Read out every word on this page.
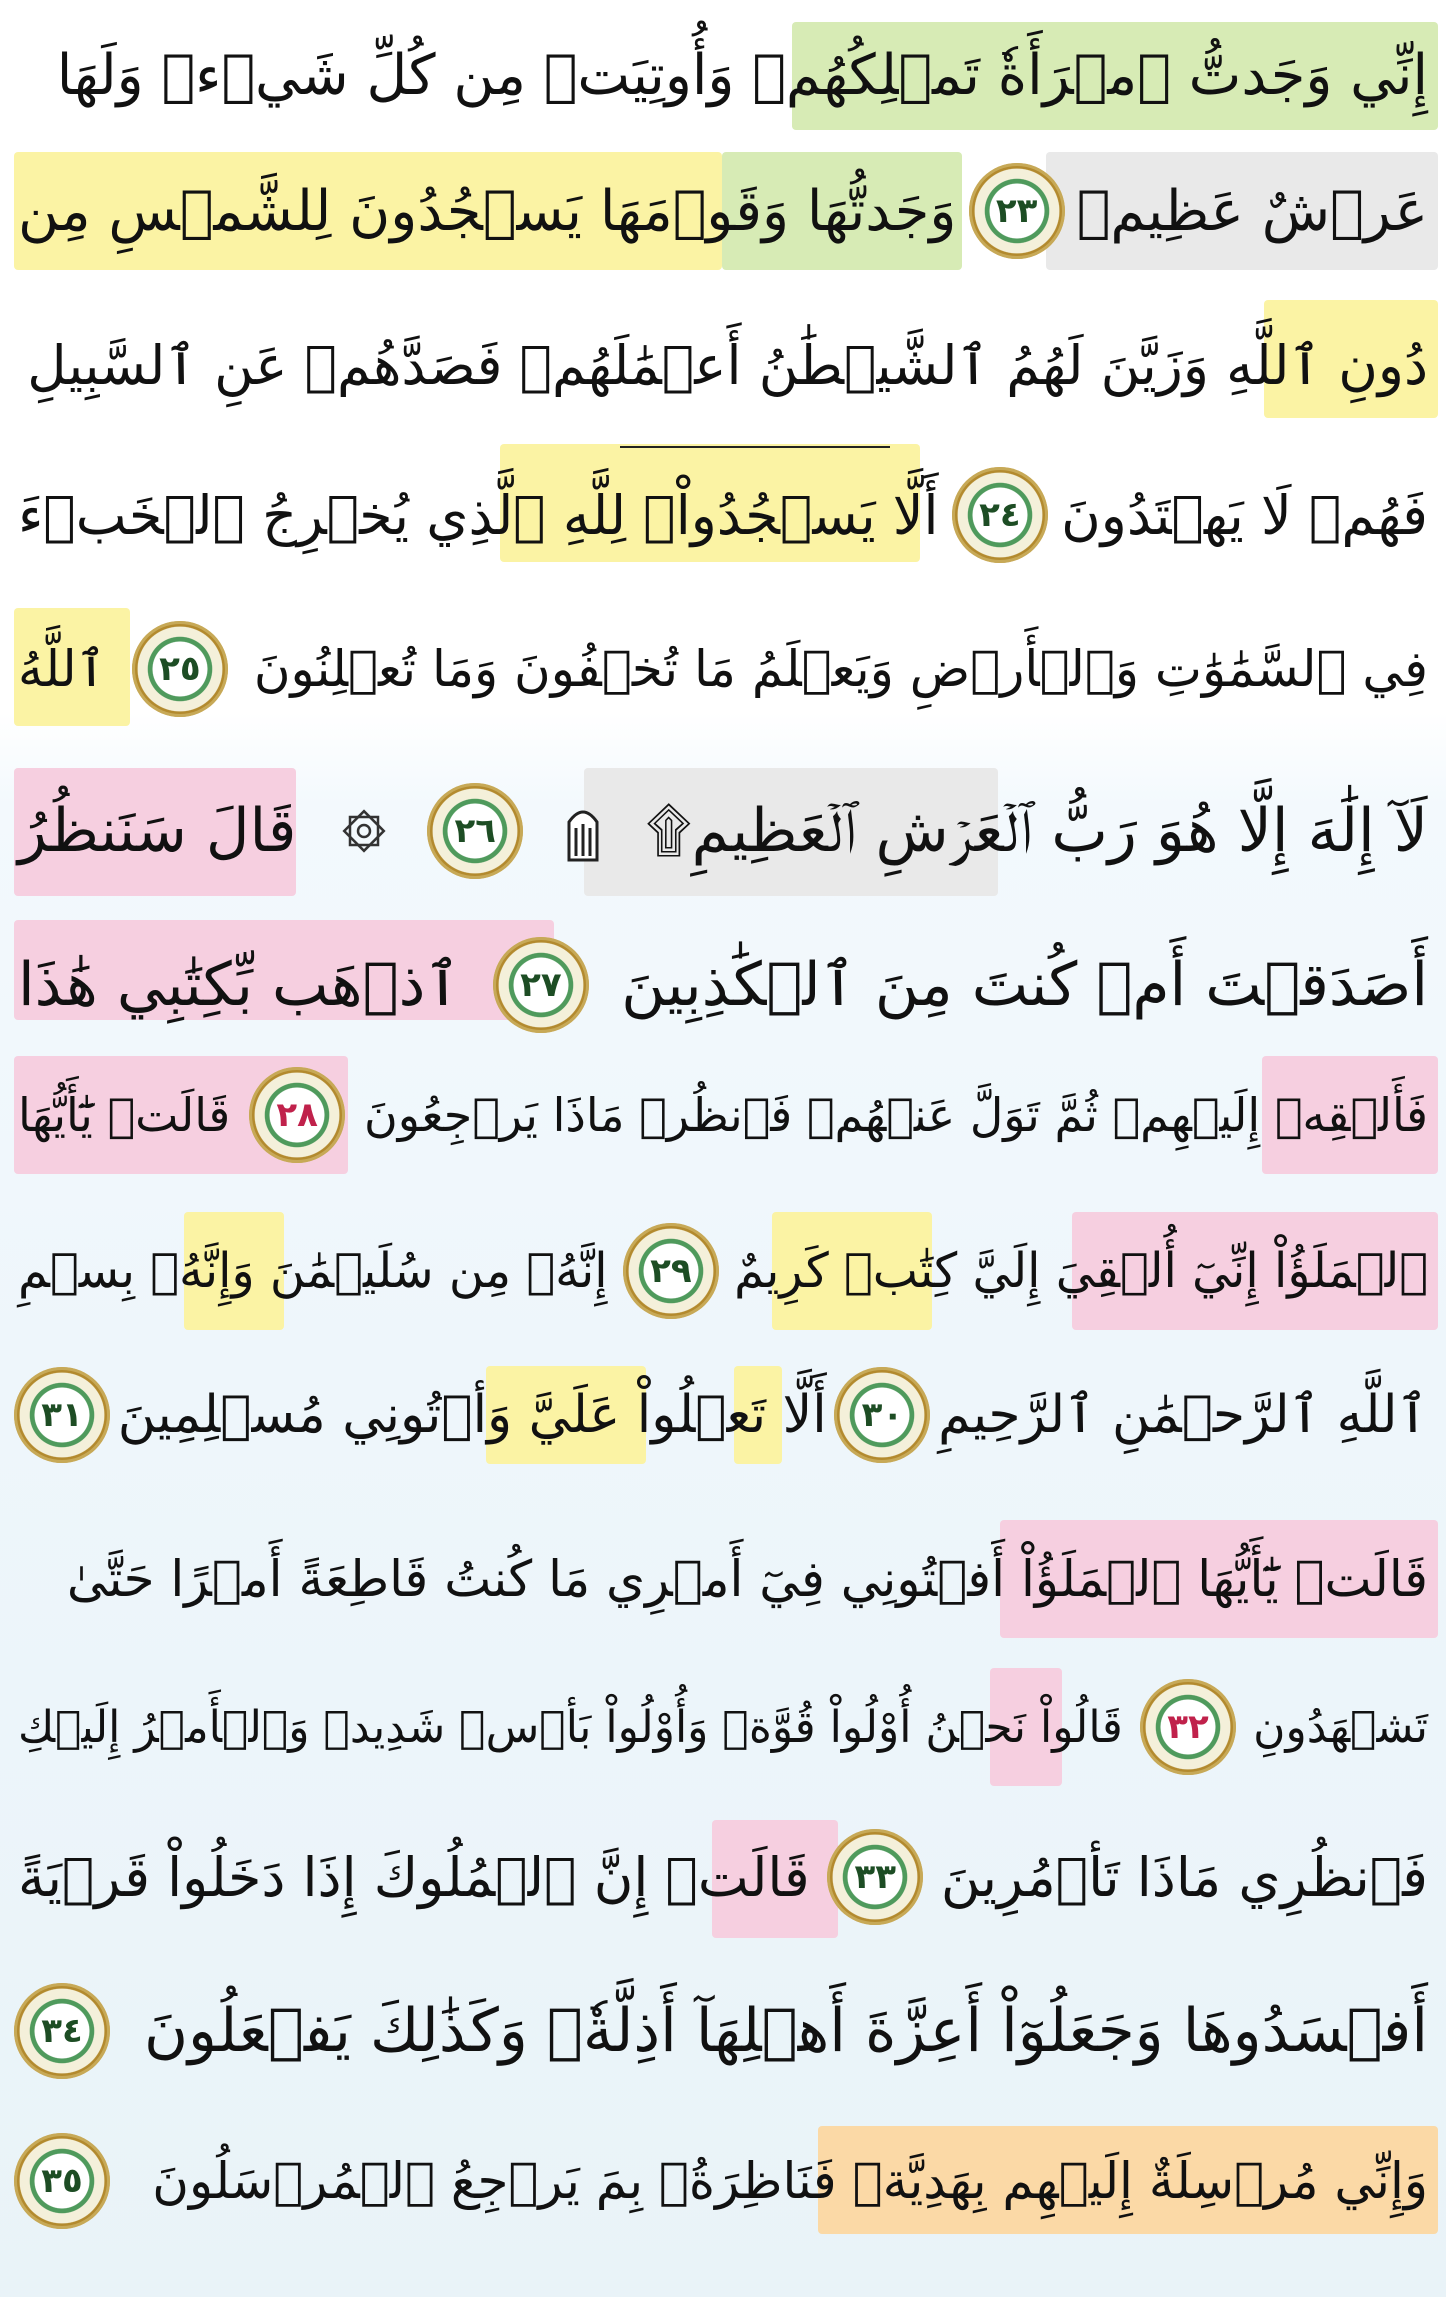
إِنِّي وَجَدتُّ ٱمۡرَأَةٗ تَمۡلِكُهُمۡ وَأُوتِيَتۡ مِن كُلِّ شَيۡءٖ وَلَهَا
عَرۡشٌ عَظِيمٞ
٢٣
وَجَدتُّهَا وَقَوۡمَهَا يَسۡجُدُونَ لِلشَّمۡسِ مِن
دُونِ ٱللَّهِ وَزَيَّنَ لَهُمُ ٱلشَّيۡطَٰنُ أَعۡمَٰلَهُمۡ فَصَدَّهُمۡ عَنِ ٱلسَّبِيلِ
فَهُمۡ لَا يَهۡتَدُونَ
٢٤
أَلَّا يَسۡجُدُواْۤ لِلَّهِ ٱلَّذِي يُخۡرِجُ ٱلۡخَبۡءَ
فِي ٱلسَّمَٰوَٰتِ وَٱلۡأَرۡضِ وَيَعۡلَمُ مَا تُخۡفُونَ وَمَا تُعۡلِنُونَ
٢٥
ٱللَّهُ
لَآ إِلَٰهَ إِلَّا هُوَ رَبُّ ٱلۡعَرۡشِ ٱلۡعَظِيمِ۩
٢٦
قَالَ سَنَنظُرُ
أَصَدَقۡتَ أَمۡ كُنتَ مِنَ ٱلۡكَٰذِبِينَ
٢٧
ٱذۡهَب بِّكِتَٰبِي هَٰذَا
فَأَلۡقِهۡ إِلَيۡهِمۡ ثُمَّ تَوَلَّ عَنۡهُمۡ فَٱنظُرۡ مَاذَا يَرۡجِعُونَ
٢٨
قَالَتۡ يَٰٓأَيُّهَا
ٱلۡمَلَؤُاْ إِنِّيٓ أُلۡقِيَ إِلَيَّ كِتَٰبٞ كَرِيمٌ
٢٩
إِنَّهُۥ مِن سُلَيۡمَٰنَ وَإِنَّهُۥ بِسۡمِ
ٱللَّهِ ٱلرَّحۡمَٰنِ ٱلرَّحِيمِ
٣٠
أَلَّا تَعۡلُواْ عَلَيَّ وَأۡتُونِي مُسۡلِمِينَ
٣١
قَالَتۡ يَٰٓأَيُّهَا ٱلۡمَلَؤُاْ أَفۡتُونِي فِيٓ أَمۡرِي مَا كُنتُ قَاطِعَةً أَمۡرًا حَتَّىٰ
تَشۡهَدُونِ
٣٢
قَالُواْ نَحۡنُ أُوْلُواْ قُوَّةٖ وَأُوْلُواْ بَأۡسٖ شَدِيدٖ وَٱلۡأَمۡرُ إِلَيۡكِ
فَٱنظُرِي مَاذَا تَأۡمُرِينَ
٣٣
قَالَتۡ إِنَّ ٱلۡمُلُوكَ إِذَا دَخَلُواْ قَرۡيَةً
أَفۡسَدُوهَا وَجَعَلُوٓاْ أَعِزَّةَ أَهۡلِهَآ أَذِلَّةٗۚ وَكَذَٰلِكَ يَفۡعَلُونَ
٣٤
وَإِنِّي مُرۡسِلَةٌ إِلَيۡهِم بِهَدِيَّةٖ فَنَاظِرَةُۢ بِمَ يَرۡجِعُ ٱلۡمُرۡسَلُونَ
٣٥
